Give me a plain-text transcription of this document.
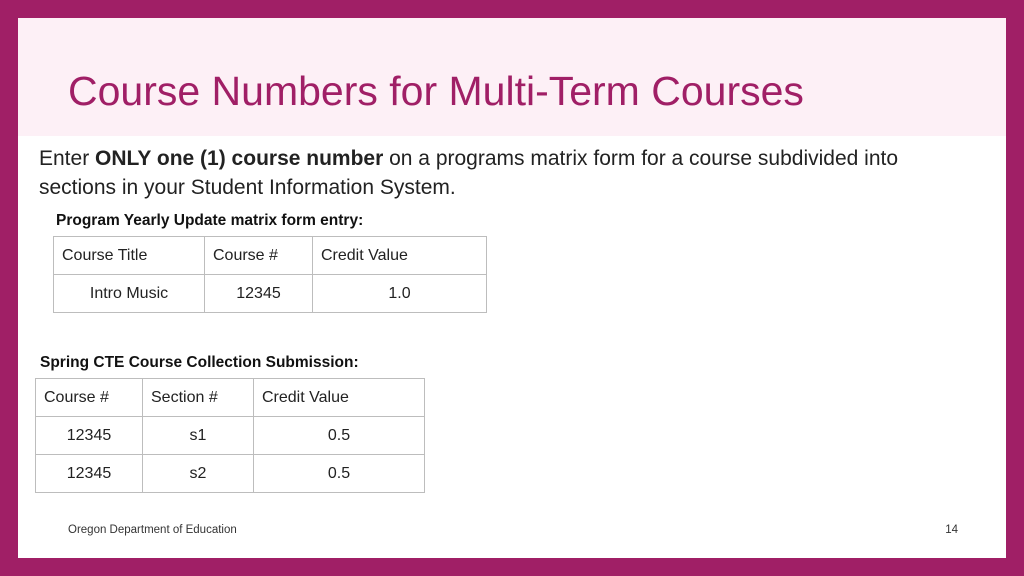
Course Numbers for Multi-Term Courses
Enter ONLY one (1) course number on a programs matrix form for a course subdivided into sections in your Student Information System.
Program Yearly Update matrix form entry:
Course Title	Course #	Credit Value
Intro Music	12345	1.0
Spring CTE Course Collection Submission:
Course #	Section #	Credit Value
12345	s1	0.5
12345	s2	0.5
Oregon Department of Education	14
